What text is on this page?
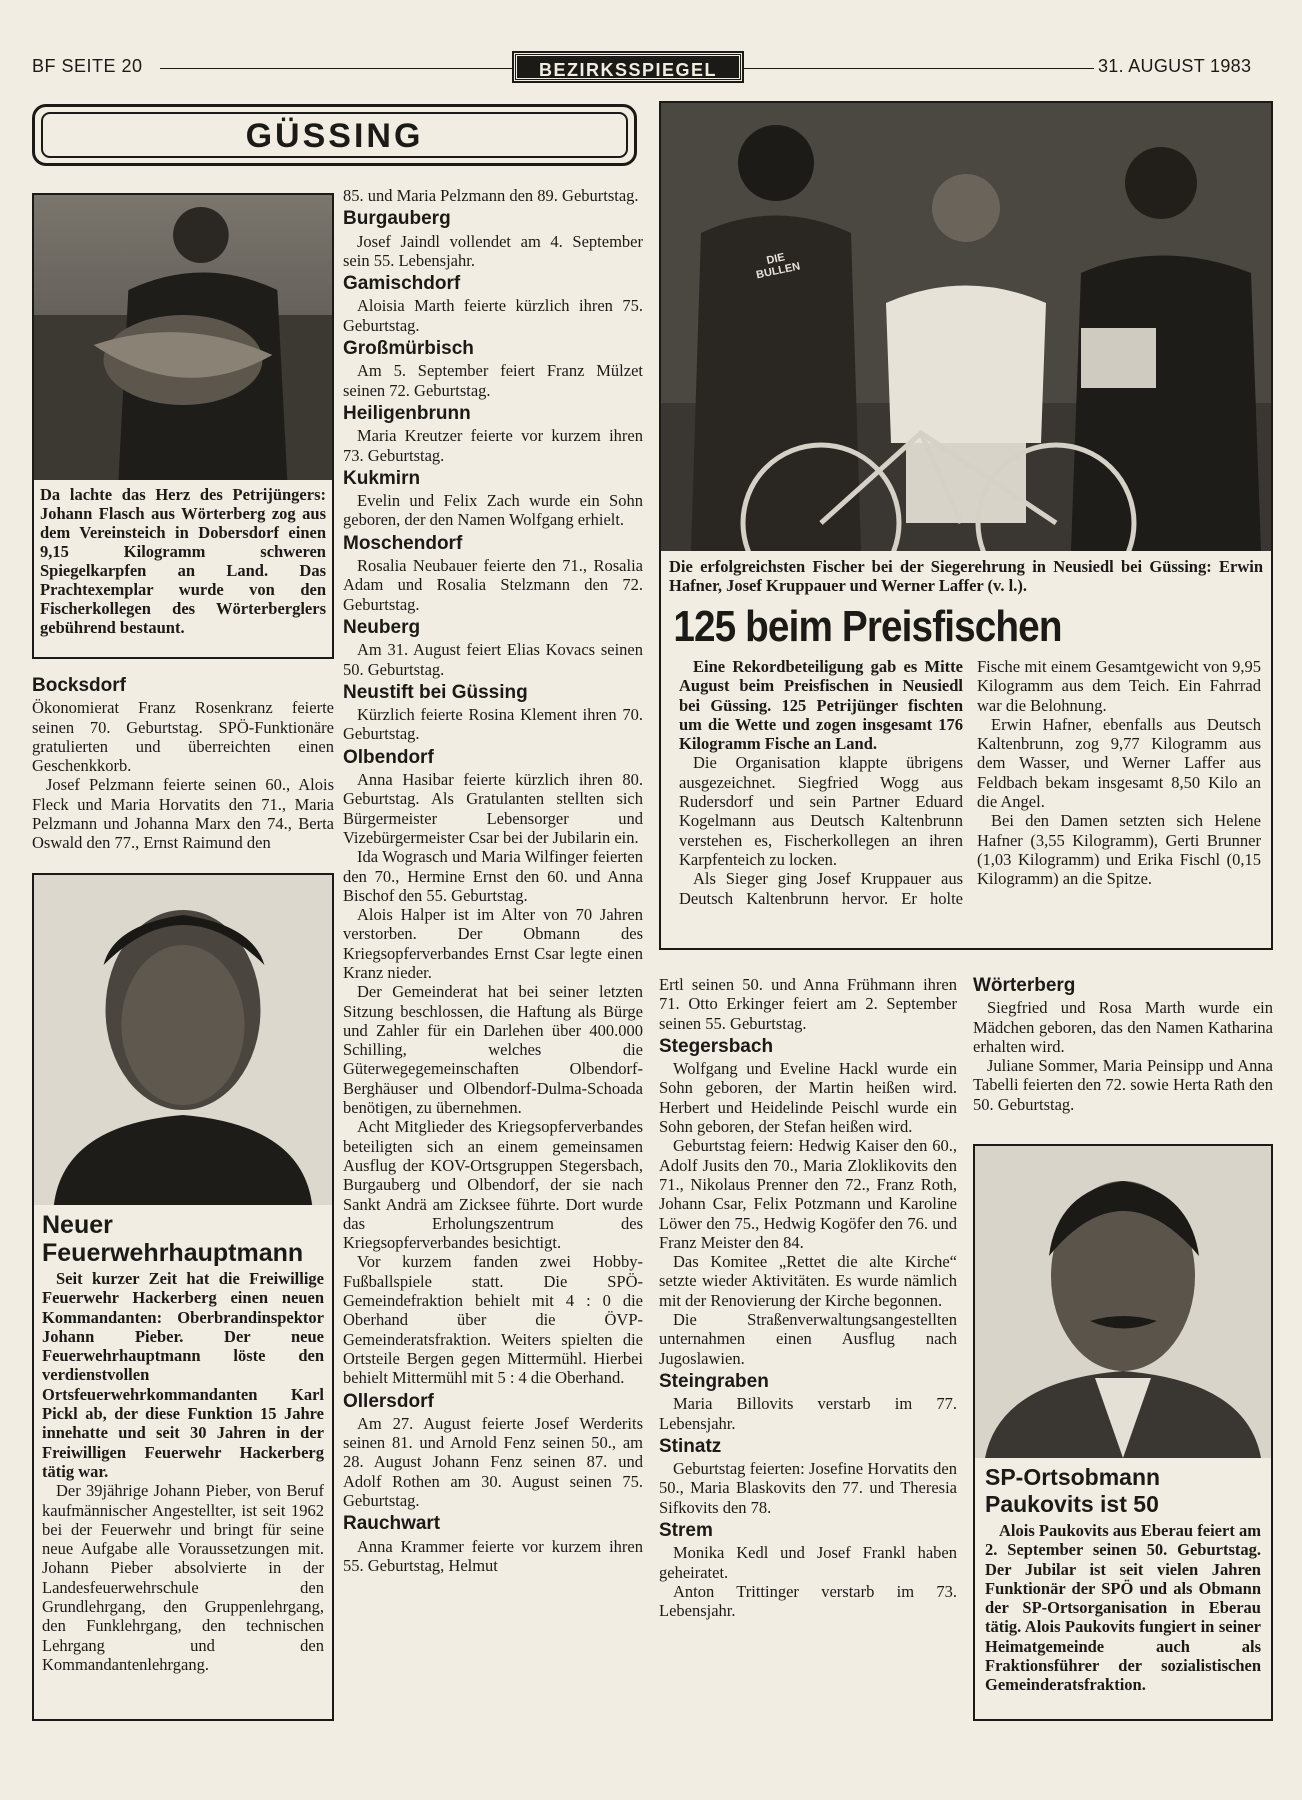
BF SEITE 20	BEZIRKSSPIEGEL	31. AUGUST 1983
GÜSSING
Da lachte das Herz des Petrijüngers: Johann Flasch aus Wörterberg zog aus dem Vereinsteich in Dobersdorf einen 9,15 Kilogramm schweren Spiegelkarpfen an Land. Das Prachtexemplar wurde von den Fischerkollegen des Wörterberglers gebührend bestaunt.
Bocksdorf

Ökonomierat Franz Rosenkranz feierte seinen 70. Geburtstag. SPÖ-Funktionäre gratulierten und überreichten einen Geschenkkorb.

Josef Pelzmann feierte seinen 60., Alois Fleck und Maria Horvatits den 71., Maria Pelzmann und Johanna Marx den 74., Berta Oswald den 77., Ernst Raimund den

Neuer Feuerwehrhauptmann

Seit kurzer Zeit hat die Freiwillige Feuerwehr Hackerberg einen neuen Kommandanten: Oberbrandinspektor Johann Pieber. Der neue Feuerwehrhauptmann löste den verdienstvollen Ortsfeuerwehrkommandanten Karl Pickl ab, der diese Funktion 15 Jahre innehatte und seit 30 Jahren in der Freiwilligen Feuerwehr Hackerberg tätig war.

Der 39jährige Johann Pieber, von Beruf kaufmännischer Angestellter, ist seit 1962 bei der Feuerwehr und bringt für seine neue Aufgabe alle Voraussetzungen mit. Johann Pieber absolvierte in der Landesfeuerwehrschule den Grundlehrgang, den Gruppenlehrgang, den Funklehrgang, den technischen Lehrgang und den Kommandantenlehrgang.

85. und Maria Pelzmann den 89. Geburtstag.

Burgauberg

Josef Jaindl vollendet am 4. September sein 55. Lebensjahr.

Gamischdorf

Aloisia Marth feierte kürzlich ihren 75. Geburtstag.

Großmürbisch

Am 5. September feiert Franz Mülzet seinen 72. Geburtstag.

Heiligenbrunn

Maria Kreutzer feierte vor kurzem ihren 73. Geburtstag.

Kukmirn

Evelin und Felix Zach wurde ein Sohn geboren, der den Namen Wolfgang erhielt.

Moschendorf

Rosalia Neubauer feierte den 71., Rosalia Adam und Rosalia Stelzmann den 72. Geburtstag.

Neuberg

Am 31. August feiert Elias Kovacs seinen 50. Geburtstag.

Neustift bei Güssing

Kürzlich feierte Rosina Klement ihren 70. Geburtstag.

Olbendorf

Anna Hasibar feierte kürzlich ihren 80. Geburtstag. Als Gratulanten stellten sich Bürgermeister Lebensorger und Vizebürgermeister Csar bei der Jubilarin ein.

Ida Wograsch und Maria Wilfinger feierten den 70., Hermine Ernst den 60. und Anna Bischof den 55. Geburtstag.

Alois Halper ist im Alter von 70 Jahren verstorben. Der Obmann des Kriegsopferverbandes Ernst Csar legte einen Kranz nieder.

Der Gemeinderat hat bei seiner letzten Sitzung beschlossen, die Haftung als Bürge und Zahler für ein Darlehen über 400.000 Schilling, welches die Güterwegegemeinschaften Olbendorf-Berghäuser und Olbendorf-Dulma-Schoada benötigen, zu übernehmen.

Acht Mitglieder des Kriegsopferverbandes beteiligten sich an einem gemeinsamen Ausflug der KOV-Ortsgruppen Stegersbach, Burgauberg und Olbendorf, der sie nach Sankt Andrä am Zicksee führte. Dort wurde das Erholungszentrum des Kriegsopferverbandes besichtigt.

Vor kurzem fanden zwei Hobby-Fußballspiele statt. Die SPÖ-Gemeindefraktion behielt mit 4 : 0 die Oberhand über die ÖVP-Gemeinderatsfraktion. Weiters spielten die Ortsteile Bergen gegen Mittermühl. Hierbei behielt Mittermühl mit 5 : 4 die Oberhand.

Ollersdorf

Am 27. August feierte Josef Werderits seinen 81. und Arnold Fenz seinen 50., am 28. August Johann Fenz seinen 87. und Adolf Rothen am 30. August seinen 75. Geburtstag.

Rauchwart

Anna Krammer feierte vor kurzem ihren 55. Geburtstag, Helmut

DIE BULLEN
Die erfolgreichsten Fischer bei der Siegerehrung in Neusiedl bei Güssing: Erwin Hafner, Josef Kruppauer und Werner Laffer (v. l.).
125 beim Preisfischen

Eine Rekordbeteiligung gab es Mitte August beim Preisfischen in Neusiedl bei Güssing. 125 Petrijünger fischten um die Wette und zogen insgesamt 176 Kilogramm Fische an Land.

Die Organisation klappte übrigens ausgezeichnet. Siegfried Wogg aus Rudersdorf und sein Partner Eduard Kogelmann aus Deutsch Kaltenbrunn verstehen es, Fischerkollegen an ihren Karpfenteich zu locken.

Als Sieger ging Josef Kruppauer aus Deutsch Kaltenbrunn hervor. Er holte Fische mit einem Gesamtgewicht von 9,95 Kilogramm aus dem Teich. Ein Fahrrad war die Belohnung.

Erwin Hafner, ebenfalls aus Deutsch Kaltenbrunn, zog 9,77 Kilogramm aus dem Wasser, und Werner Laffer aus Feldbach bekam insgesamt 8,50 Kilo an die Angel.

Bei den Damen setzten sich Helene Hafner (3,55 Kilogramm), Gerti Brunner (1,03 Kilogramm) und Erika Fischl (0,15 Kilogramm) an die Spitze.

Ertl seinen 50. und Anna Frühmann ihren 71. Otto Erkinger feiert am 2. September seinen 55. Geburtstag.

Stegersbach

Wolfgang und Eveline Hackl wurde ein Sohn geboren, der Martin heißen wird. Herbert und Heidelinde Peischl wurde ein Sohn geboren, der Stefan heißen wird.

Geburtstag feiern: Hedwig Kaiser den 60., Adolf Jusits den 70., Maria Zloklikovits den 71., Nikolaus Prenner den 72., Franz Roth, Johann Csar, Felix Potzmann und Karoline Löwer den 75., Hedwig Kogöfer den 76. und Franz Meister den 84.

Das Komitee „Rettet die alte Kirche“ setzte wieder Aktivitäten. Es wurde nämlich mit der Renovierung der Kirche begonnen.

Die Straßenverwaltungsangestellten unternahmen einen Ausflug nach Jugoslawien.

Steingraben

Maria Billovits verstarb im 77. Lebensjahr.

Stinatz

Geburtstag feierten: Josefine Horvatits den 50., Maria Blaskovits den 77. und Theresia Sifkovits den 78.

Strem

Monika Kedl und Josef Frankl haben geheiratet.

Anton Trittinger verstarb im 73. Lebensjahr.

Wörterberg

Siegfried und Rosa Marth wurde ein Mädchen geboren, das den Namen Katharina erhalten wird.

Juliane Sommer, Maria Peinsipp und Anna Tabelli feierten den 72. sowie Herta Rath den 50. Geburtstag.

SP-Ortsobmann Paukovits ist 50
Alois Paukovits aus Eberau feiert am 2. September seinen 50. Geburtstag. Der Jubilar ist seit vielen Jahren Funktionär der SPÖ und als Obmann der SP-Ortsorganisation in Eberau tätig. Alois Paukovits fungiert in seiner Heimatgemeinde auch als Fraktionsführer der sozialistischen Gemeinderatsfraktion.
